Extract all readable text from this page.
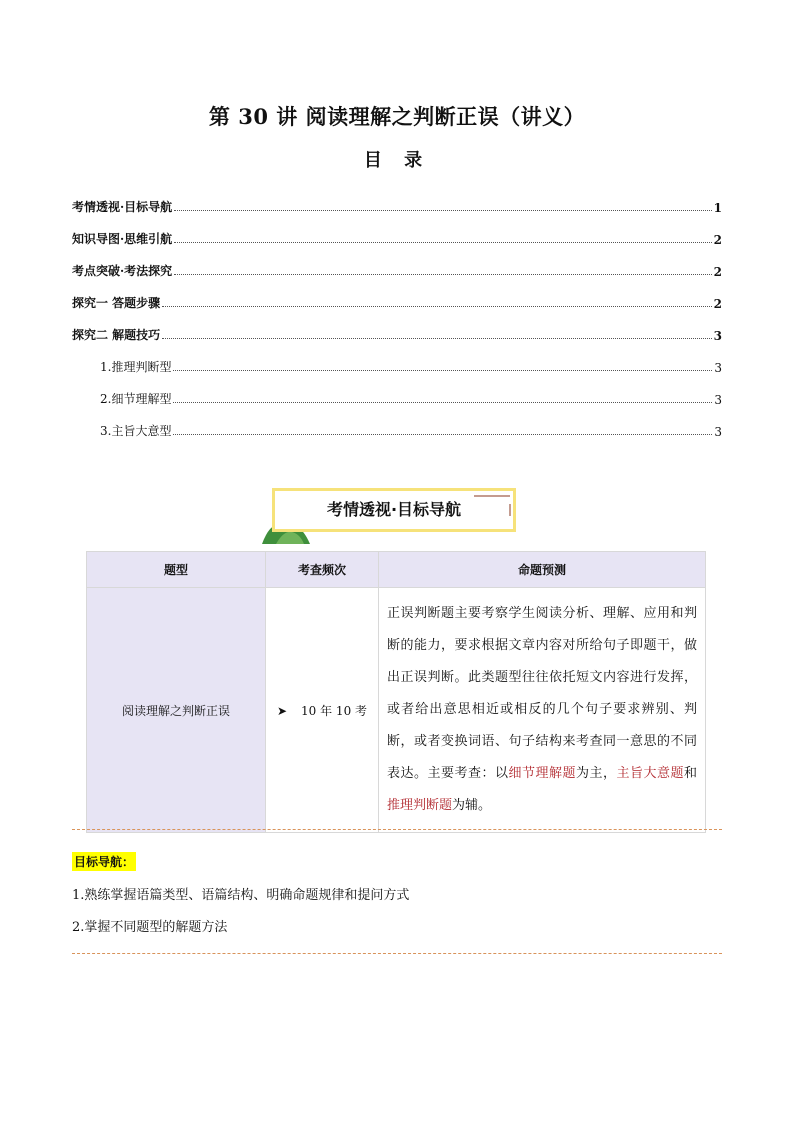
第 30 讲 阅读理解之判断正误（讲义）
目 录
考情透视·目标导航	1
知识导图·思维引航	2
考点突破·考法探究	2
探究一 答题步骤	2
探究二 解题技巧	3
1.推理判断型	3
2.细节理解型	3
3.主旨大意型	3
考情透视·目标导航
题型	考查频次	命题预测
阅读理解之判断正误	➤ 10 年 10 考	正误判断题主要考察学生阅读分析、理解、应用和判断的能力，要求根据文章内容对所给句子即题干，做出正误判断。此类题型往往依托短文内容进行发挥，或者给出意思相近或相反的几个句子要求辨别、判断，或者变换词语、句子结构来考查同一意思的不同表达。主要考查：以细节理解题为主，主旨大意题和推理判断题为辅。
目标导航：
1.熟练掌握语篇类型、语篇结构、明确命题规律和提问方式
2.掌握不同题型的解题方法
